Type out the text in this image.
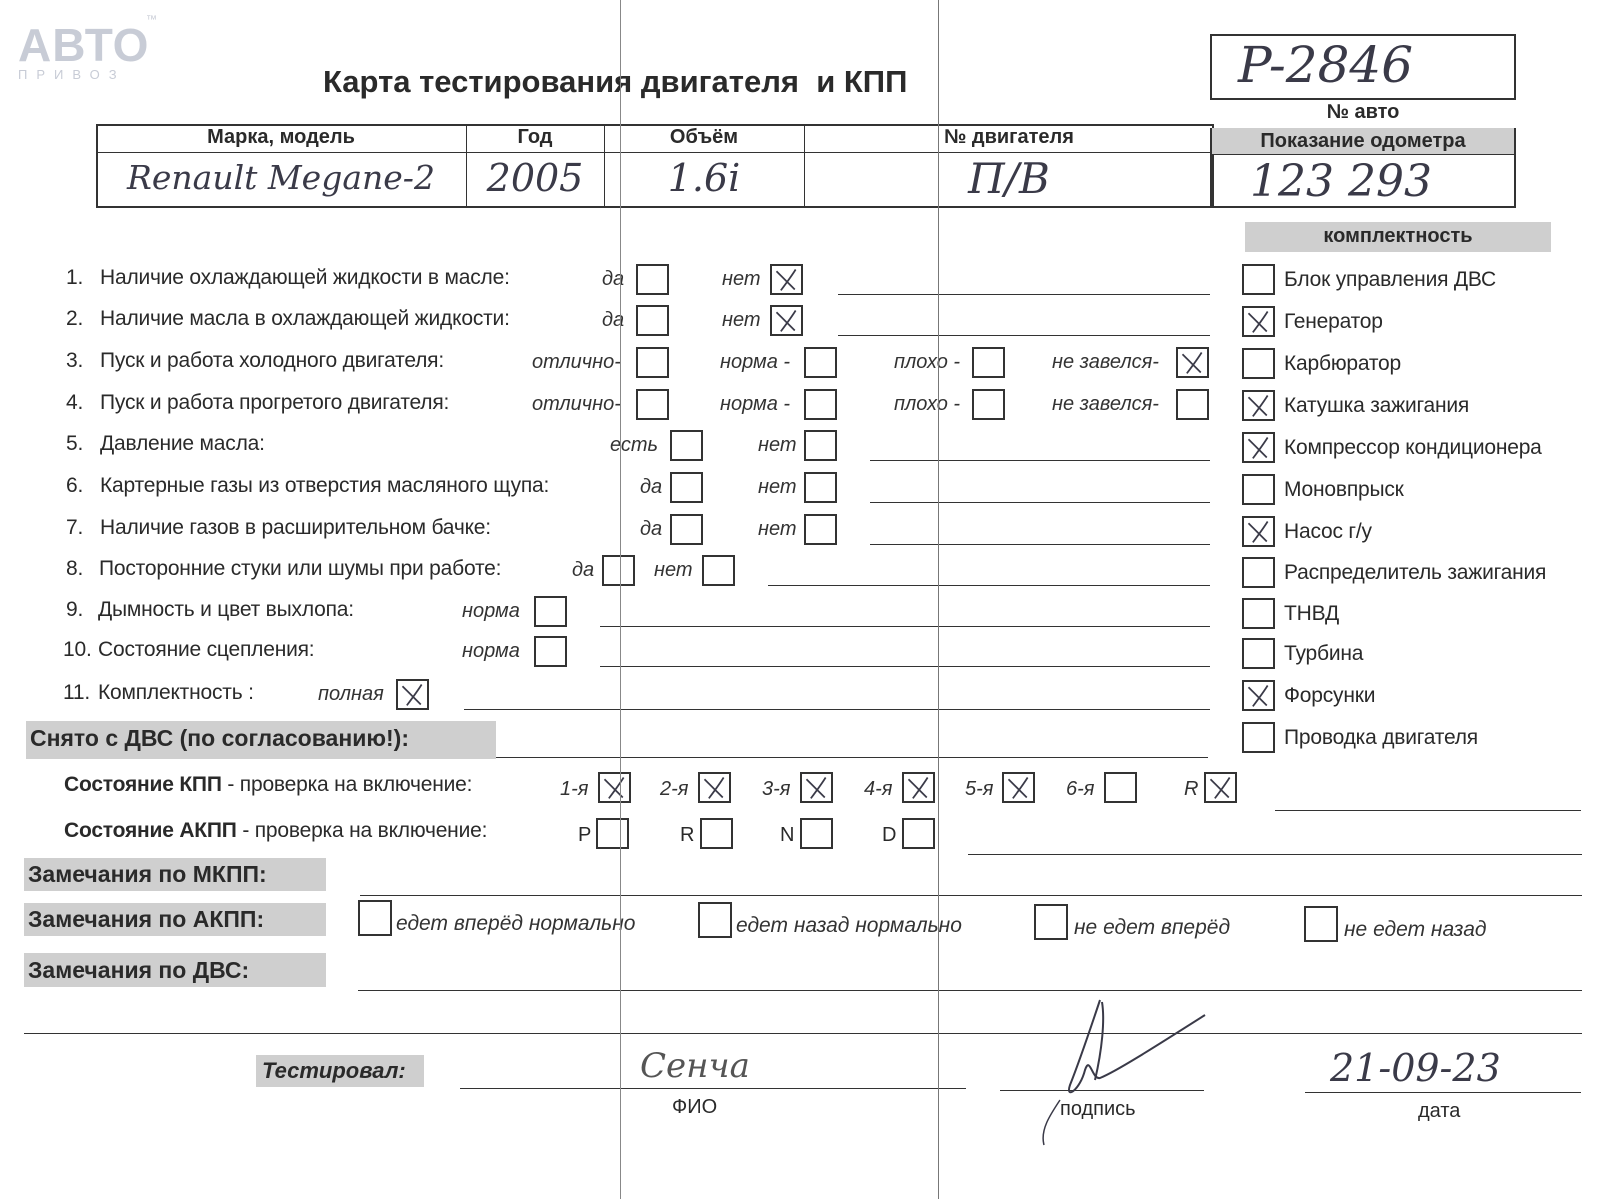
АВТО
™
ПРИВОЗ	Карта тестирования двигателя  и КПП	P-2846
№ авто
Марка, модель	Год	Объём	№ двигателя
Renault Megane-2	2005	1.6i	П/В
Показание одометра
123 293
комплектность
1. Наличие охлаждающей жидкости в масле:	да	нет
2. Наличие масла в охлаждающей жидкости:	да	нет
3. Пуск и работа холодного двигателя:	отлично-	норма -	плохо -	не завелся-
4. Пуск и работа прогретого двигателя:	отлично-	норма -	плохо -	не завелся-
5. Давление масла:	есть	нет
6. Картерные газы из отверстия масляного щупа:	да	нет
7. Наличие газов в расширительном бачке:	да	нет
8. Посторонние стуки или шумы при работе:	да	нет
9. Дымность и цвет выхлопа:	норма
10. Состояние сцепления:	норма
11. Комплектность :	полная
Блок управления ДВС
Генератор
Карбюратор
Катушка зажигания
Компрессор кондиционера
Моновпрыск
Насос г/у
Распределитель зажигания
ТНВД
Турбина
Форсунки
Проводка двигателя
Снято с ДВС (по согласованию!):
Состояние КПП - проверка на включение:	1-я	2-я	3-я	4-я	5-я	6-я	R
Состояние АКПП - проверка на включение:	P	R	N	D
Замечания по МКПП:
Замечания по АКПП:	едет вперёд нормально	едет назад нормально	не едет вперёд	не едет назад
Замечания по ДВС:
Тестировал:	Сенча
ФИО	подпись
21-09-23
дата
